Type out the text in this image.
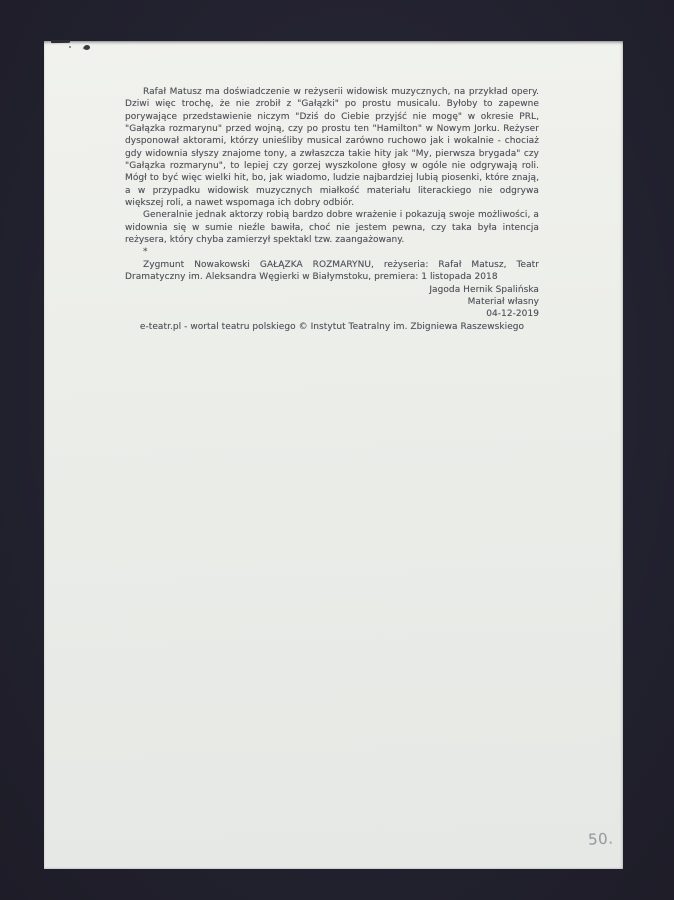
Rafał Matusz ma doświadczenie w reżyserii widowisk muzycznych, na przykład opery. Dziwi więc trochę, że nie zrobił z "Gałązki" po prostu musicalu. Byłoby to zapewne porywające przedstawienie niczym "Dziś do Ciebie przyjść nie mogę" w okresie PRL, "Gałązka rozmarynu" przed wojną, czy po prostu ten "Hamilton" w Nowym Jorku. Reżyser dysponował aktorami, którzy unieśliby musical zarówno ruchowo jak i wokalnie - chociaż gdy widownia słyszy znajome tony, a zwłaszcza takie hity jak "My, pierwsza brygada" czy "Gałązka rozmarynu", to lepiej czy gorzej wyszkolone głosy w ogóle nie odgrywają roli. Mógł to być więc wielki hit, bo, jak wiadomo, ludzie najbardziej lubią piosenki, które znają, a w przypadku widowisk muzycznych miałkość materiału literackiego nie odgrywa większej roli, a nawet wspomaga ich dobry odbiór.

Generalnie jednak aktorzy robią bardzo dobre wrażenie i pokazują swoje możliwości, a widownia się w sumie nieźle bawiła, choć nie jestem pewna, czy taka była intencja reżysera, który chyba zamierzył spektakl tzw. zaangażowany.

*

Zygmunt Nowakowski GAŁĄZKA ROZMARYNU, reżyseria: Rafał Matusz, Teatr Dramatyczny im. Aleksandra Węgierki w Białymstoku, premiera: 1 listopada 2018

Jagoda Hernik Spalińska
Materiał własny
04-12-2019
e-teatr.pl - wortal teatru polskiego © Instytut Teatralny im. Zbigniewa Raszewskiego
50.
